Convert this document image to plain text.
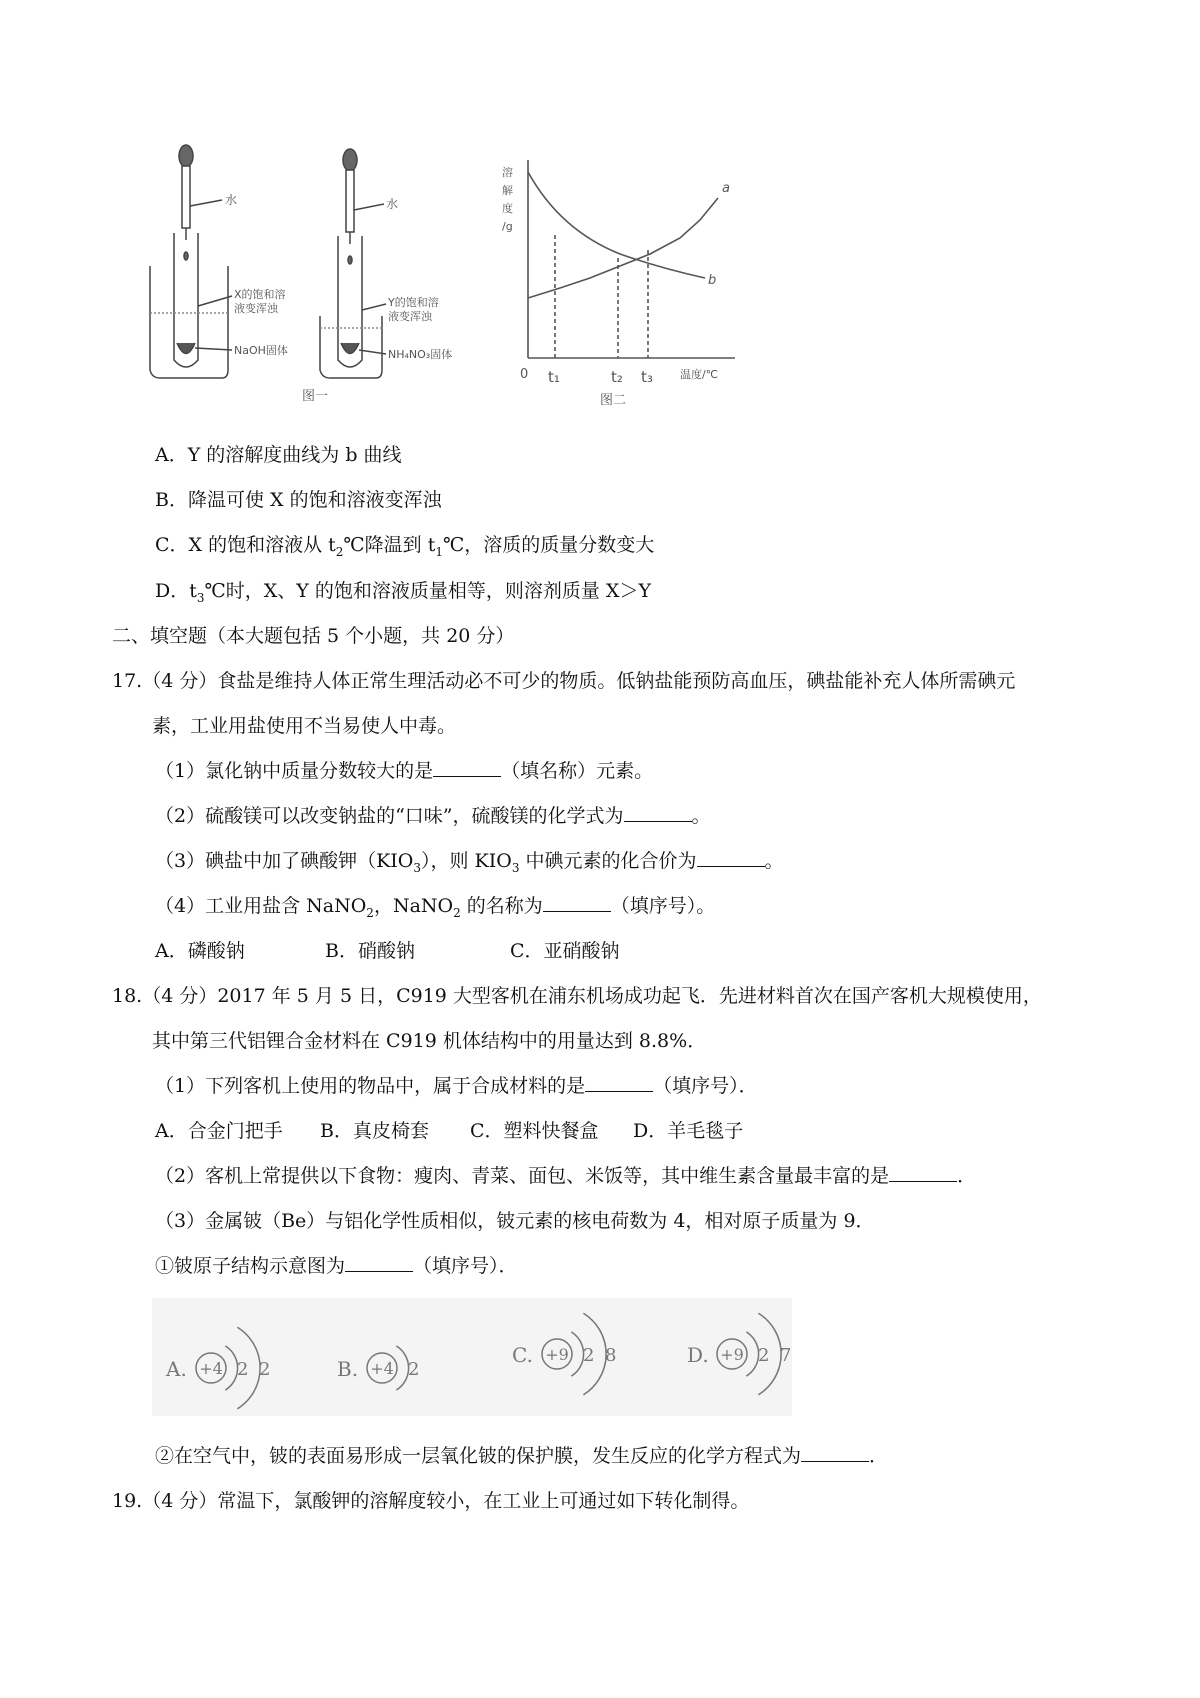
水
X的饱和溶
液变浑浊
NaOH固体
水
Y的饱和溶
液变浑浊
NH₄NO₃固体
图一
溶
解
度
/g
a
b
0 t₁	t₂ t₃ 温度/℃
图二
A．Y 的溶解度曲线为 b 曲线
B．降温可使 X 的饱和溶液变浑浊
C．X 的饱和溶液从 $t_2℃$降温到 $t_1℃$，溶质的质量分数变大
D．$t_3℃$时，X、Y 的饱和溶液质量相等，则溶剂质量 X＞Y
二、填空题（本大题包括 5 个小题，共 20 分）
17.（4 分）食盐是维持人体正常生理活动必不可少的物质。低钠盐能预防高血压，碘盐能补充人体所需碘元
素，工业用盐使用不当易使人中毒。
（1）氯化钠中质量分数较大的是	（填名称）元素。
（2）硫酸镁可以改变钠盐的“口味”，硫酸镁的化学式为	。
（3）碘盐中加了碘酸钾$(KIO_3)$，则 $KIO_3$ 中碘元素的化合价为	。
（4）工业用盐含 NaNO$_2$，NaNO$_2$ 的名称为	（填序号）。
A．磷酸钠	B．硝酸钠	C．亚硝酸钠
18.（4 分）2017 年 5 月 5 日，C919 大型客机在浦东机场成功起飞．先进材料首次在国产客机大规模使用，
其中第三代铝锂合金材料在 C919 机体结构中的用量达到 8.8%．
（1）下列客机上使用的物品中，属于合成材料的是	（填序号）．
A．合金门把手 B．真皮椅套 C．塑料快餐盒 D．羊毛毯子
（2）客机上常提供以下食物：瘦肉、青菜、面包、米饭等，其中维生素含量最丰富的是	．
（3）金属铍（Be）与铝化学性质相似，铍元素的核电荷数为 4，相对原子质量为 9．
①铍原子结构示意图为	（填序号）．
A. +4 2 2	B. +4 2
C. +9 2 8	D. +9 2 7
②在空气中，铍的表面易形成一层氧化铍的保护膜，发生反应的化学方程式为	．
19.（4 分）常温下，氯酸钾的溶解度较小，在工业上可通过如下转化制得。
